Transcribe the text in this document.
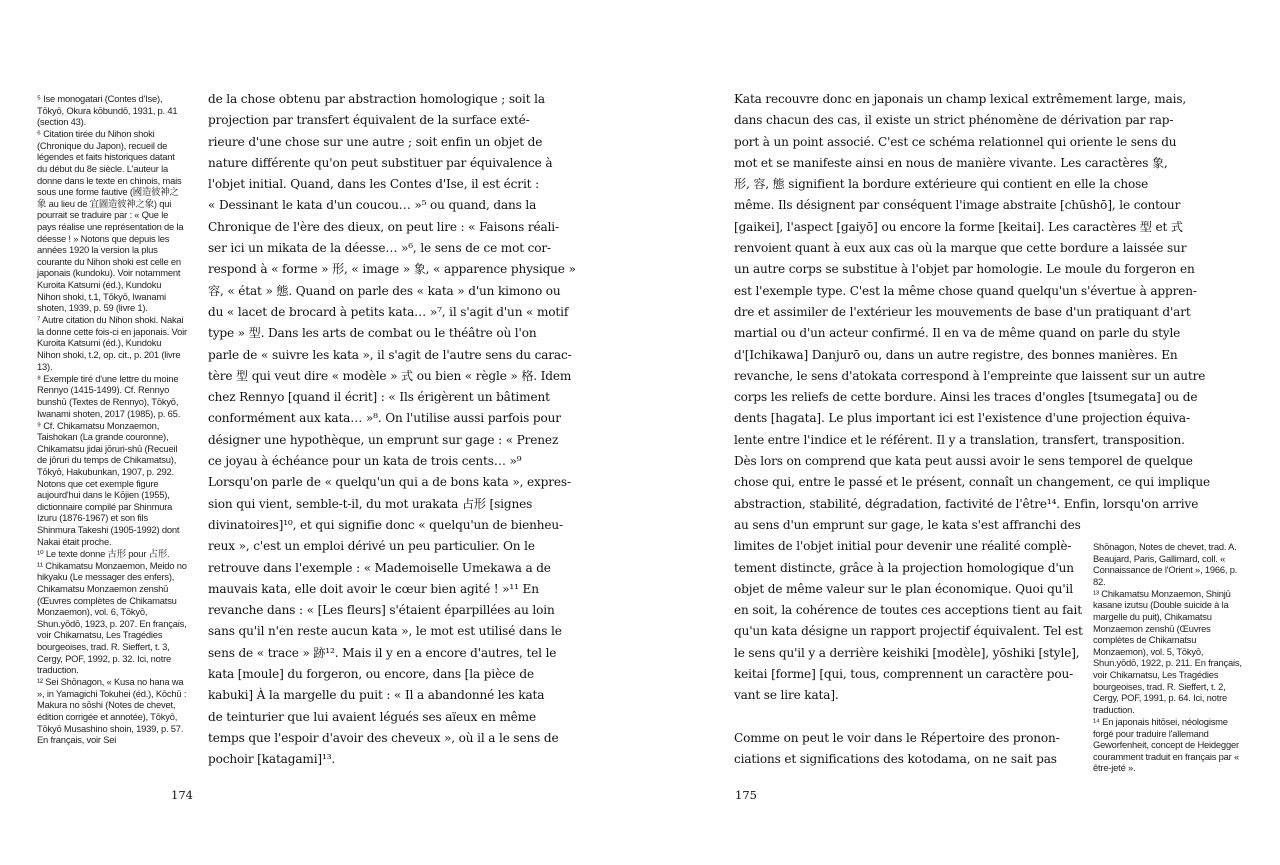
⁵ Ise monogatari (Contes d'Ise), Tōkyō, Okura kōbundō, 1931, p. 41 (section 43).

⁶ Citation tirée du Nihon shoki (Chronique du Japon), recueil de légendes et faits historiques datant du début du 8e siècle. L'auteur la donne dans le texte en chinois, mais sous une forme fautive (國造彼神之象 au lieu de 宜圖造彼神之象) qui pourrait se traduire par : « Que le pays réalise une représentation de la déesse ! » Notons que depuis les années 1920 la version la plus courante du Nihon shoki est celle en japonais (kundoku). Voir notamment Kuroita Katsumi (éd.), Kundoku Nihon shoki, t.1, Tōkyō, Iwanami shoten, 1939, p. 59 (livre 1).

⁷ Autre citation du Nihon shoki. Nakai la donne cette fois-ci en japonais. Voir Kuroita Katsumi (éd.), Kundoku Nihon shoki, t.2, op. cit., p. 201 (livre 13).

⁸ Exemple tiré d'une lettre du moine Rennyo (1415-1499). Cf. Rennyo bunshū (Textes de Rennyo), Tōkyō, Iwanami shoten, 2017 (1985), p. 65.

⁹ Cf. Chikamatsu Monzaemon, Taishokan (La grande couronne), Chikamatsu jidai jōruri-shū (Recueil de jōruri du temps de Chikamatsu), Tōkyō, Hakubunkan, 1907, p. 292. Notons que cet exemple figure aujourd'hui dans le Kōjien (1955), dictionnaire compilé par Shinmura Izuru (1876-1967) et son fils Shinmura Takeshi (1905-1992) dont Nakai était proche.

¹⁰ Le texte donne 古形 pour 占形.

¹¹ Chikamatsu Monzaemon, Meido no hikyaku (Le messager des enfers), Chikamatsu Monzaemon zenshū (Œuvres complètes de Chikamatsu Monzaemon), vol. 6, Tōkyō, Shun.yōdō, 1923, p. 207. En français, voir Chikamatsu, Les Tragédies bourgeoises, trad. R. Sieffert, t. 3, Cergy, POF, 1992, p. 32. Ici, notre traduction.

¹² Sei Shōnagon, « Kusa no hana wa », in Yamagichi Tokuhei (éd.), Kōchū : Makura no sōshi (Notes de chevet, édition corrigée et annotée), Tōkyō, Tōkyō Musashino shoin, 1939, p. 57. En français, voir Sei

de la chose obtenu par abstraction homologique ; soit la
projection par transfert équivalent de la surface exté-
rieure d'une chose sur une autre ; soit enfin un objet de
nature différente qu'on peut substituer par équivalence à
l'objet initial. Quand, dans les Contes d'Ise, il est écrit :
« Dessinant le kata d'un coucou… »⁵ ou quand, dans la
Chronique de l'ère des dieux, on peut lire : « Faisons réali-
ser ici un mikata de la déesse… »⁶, le sens de ce mot cor-
respond à « forme » 形, « image » 象, « apparence physique »
容, « état » 態. Quand on parle des « kata » d'un kimono ou
du « lacet de brocard à petits kata… »⁷, il s'agit d'un « motif
type » 型. Dans les arts de combat ou le théâtre où l'on
parle de « suivre les kata », il s'agit de l'autre sens du carac-
tère 型 qui veut dire « modèle » 式 ou bien « règle » 格. Idem
chez Rennyo [quand il écrit] : « Ils érigèrent un bâtiment
conformément aux kata… »⁸. On l'utilise aussi parfois pour
désigner une hypothèque, un emprunt sur gage : « Prenez
ce joyau à échéance pour un kata de trois cents… »⁹
Lorsqu'on parle de « quelqu'un qui a de bons kata », expres-
sion qui vient, semble-t-il, du mot urakata 占形 [signes
divinatoires]¹⁰, et qui signifie donc « quelqu'un de bienheu-
reux », c'est un emploi dérivé un peu particulier. On le
retrouve dans l'exemple : « Mademoiselle Umekawa a de
mauvais kata, elle doit avoir le cœur bien agité ! »¹¹ En
revanche dans : « [Les fleurs] s'étaient éparpillées au loin
sans qu'il n'en reste aucun kata », le mot est utilisé dans le
sens de « trace » 跡¹². Mais il y en a encore d'autres, tel le
kata [moule] du forgeron, ou encore, dans [la pièce de
kabuki] À la margelle du puit : « Il a abandonné les kata
de teinturier que lui avaient légués ses aïeux en même
temps que l'espoir d'avoir des cheveux », où il a le sens de
pochoir [katagami]¹³.
174
Kata recouvre donc en japonais un champ lexical extrêmement large, mais,
dans chacun des cas, il existe un strict phénomène de dérivation par rap-
port à un point associé. C'est ce schéma relationnel qui oriente le sens du
mot et se manifeste ainsi en nous de manière vivante. Les caractères 象,
形, 容, 態 signifient la bordure extérieure qui contient en elle la chose
même. Ils désignent par conséquent l'image abstraite [chūshō], le contour
[gaikei], l'aspect [gaiyō] ou encore la forme [keitai]. Les caractères 型 et 式
renvoient quant à eux aux cas où la marque que cette bordure a laissée sur
un autre corps se substitue à l'objet par homologie. Le moule du forgeron en
est l'exemple type. C'est la même chose quand quelqu'un s'évertue à appren-
dre et assimiler de l'extérieur les mouvements de base d'un pratiquant d'art
martial ou d'un acteur confirmé. Il en va de même quand on parle du style
d'[Ichikawa] Danjurō ou, dans un autre registre, des bonnes manières. En
revanche, le sens d'atokata correspond à l'empreinte que laissent sur un autre
corps les reliefs de cette bordure. Ainsi les traces d'ongles [tsumegata] ou de
dents [hagata]. Le plus important ici est l'existence d'une projection équiva-
lente entre l'indice et le référent. Il y a translation, transfert, transposition.
Dès lors on comprend que kata peut aussi avoir le sens temporel de quelque
chose qui, entre le passé et le présent, connaît un changement, ce qui implique
abstraction, stabilité, dégradation, factivité de l'être¹⁴. Enfin, lorsqu'on arrive
au sens d'un emprunt sur gage, le kata s'est affranchi des
limites de l'objet initial pour devenir une réalité complè-
tement distincte, grâce à la projection homologique d'un
objet de même valeur sur le plan économique. Quoi qu'il
en soit, la cohérence de toutes ces acceptions tient au fait
qu'un kata désigne un rapport projectif équivalent. Tel est
le sens qu'il y a derrière keishiki [modèle], yōshiki [style],
keitai [forme] [qui, tous, comprennent un caractère pou-
vant se lire kata].
Comme on peut le voir dans le Répertoire des pronon-
ciations et significations des kotodama, on ne sait pas

Shōnagon, Notes de chevet, trad. A. Beaujard, Paris, Gallimard, coll. « Connaissance de l'Orient », 1966, p. 82.

¹³ Chikamatsu Monzaemon, Shinjū kasane izutsu (Double suicide à la margelle du puit), Chikamatsu Monzaemon zenshū (Œuvres complètes de Chikamatsu Monzaemon), vol. 5, Tōkyō, Shun.yōdō, 1922, p. 211. En français, voir Chikamatsu, Les Tragédies bourgeoises, trad. R. Sieffert, t. 2, Cergy, POF, 1991, p. 64. Ici, notre traduction.

¹⁴ En japonais hitōsei, néologisme forgé pour traduire l'allemand Geworfenheit, concept de Heidegger couramment traduit en français par « être-jeté ».

175
